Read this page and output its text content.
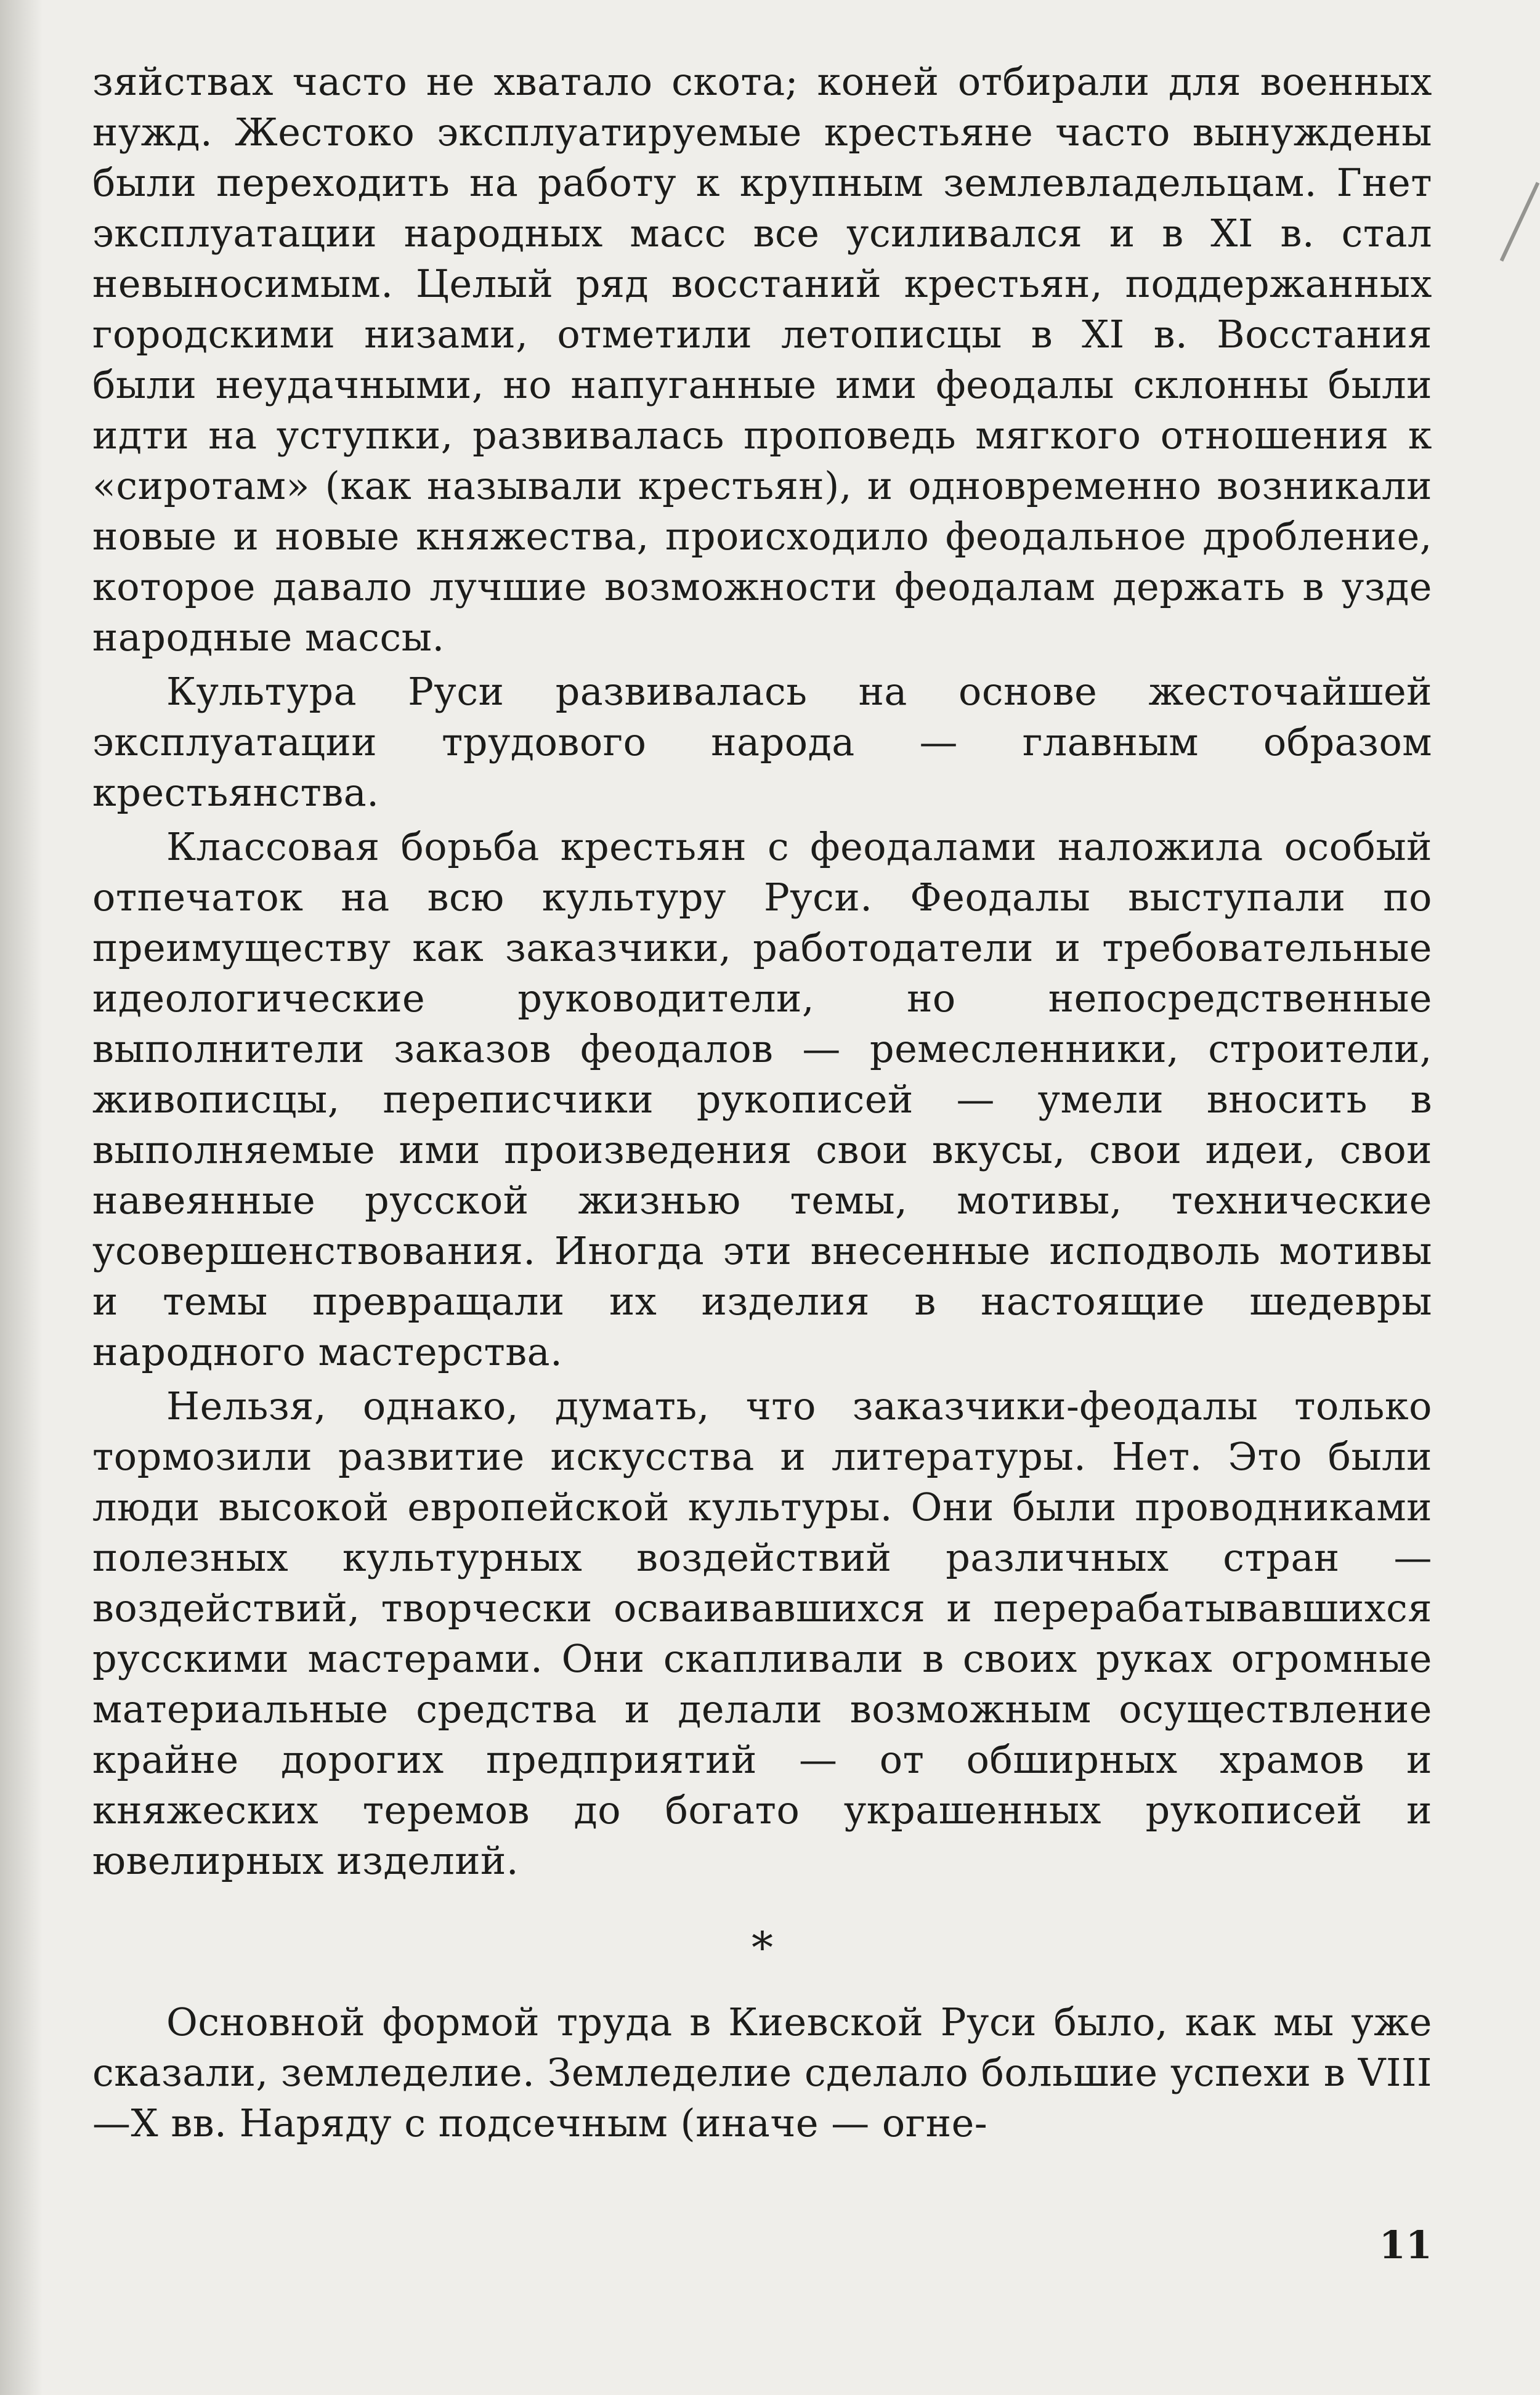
зяйствах часто не хватало скота; коней отбирали для военных нужд. Жестоко эксплуатируемые крестьяне часто вынуждены были переходить на работу к крупным землевладельцам. Гнет эксплуатации народных масс все усиливался и в XI в. стал невыносимым. Целый ряд восстаний крестьян, поддержанных городскими низами, отметили летописцы в XI в. Восстания были неудачными, но напуганные ими феодалы склонны были идти на уступки, развивалась проповедь мягкого отношения к «сиротам» (как называли крестьян), и одновременно возникали новые и новые княжества, происходило феодальное дробление, которое давало лучшие возможности феодалам держать в узде народные массы.

Культура Руси развивалась на основе жесточайшей эксплуатации трудового народа — главным образом крестьянства.

Классовая борьба крестьян с феодалами наложила особый отпечаток на всю культуру Руси. Феодалы выступали по преимуществу как заказчики, работодатели и требовательные идеологические руководители, но непосредственные выполнители заказов феодалов — ремесленники, строители, живописцы, переписчики рукописей — умели вносить в выполняемые ими произведения свои вкусы, свои идеи, свои навеянные русской жизнью темы, мотивы, технические усовершенствования. Иногда эти внесенные исподволь мотивы и темы превращали их изделия в настоящие шедевры народного мастерства.

Нельзя, однако, думать, что заказчики-феодалы только тормозили развитие искусства и литературы. Нет. Это были люди высокой европейской культуры. Они были проводниками полезных культурных воздействий различных стран — воздействий, творчески осваивавшихся и перерабатывавшихся русскими мастерами. Они скапливали в своих руках огромные материальные средства и делали возможным осуществление крайне дорогих предприятий — от обширных храмов и княжеских теремов до богато украшенных рукописей и ювелирных изделий.

*

Основной формой труда в Киевской Руси было, как мы уже сказали, земледелие. Земледелие сделало большие успехи в VIII—X вв. Наряду с подсечным (иначе — огне-

11
